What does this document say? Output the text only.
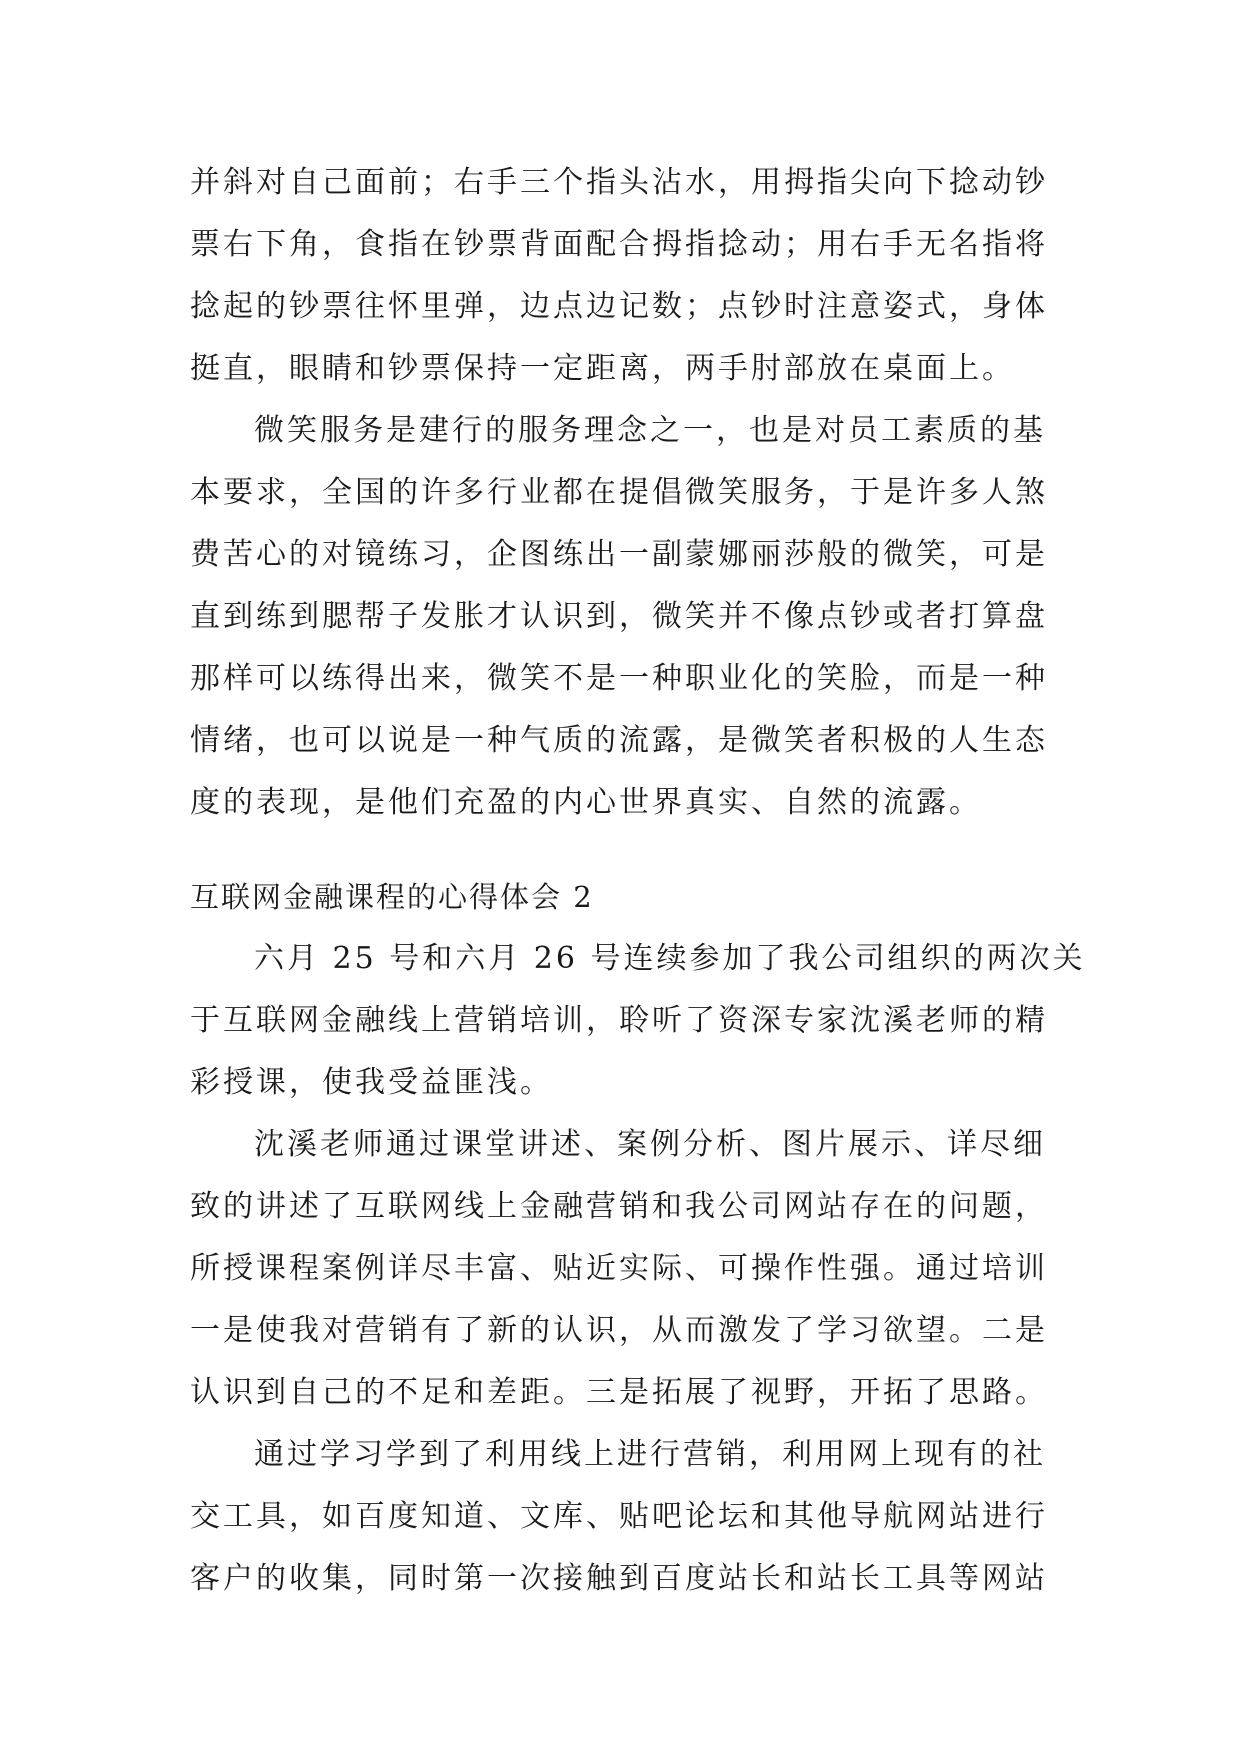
并斜对自己面前；右手三个指头沾水，用拇指尖向下捻动钞
票右下角，食指在钞票背面配合拇指捻动；用右手无名指将
捻起的钞票往怀里弹，边点边记数；点钞时注意姿式，身体
挺直，眼睛和钞票保持一定距离，两手肘部放在桌面上。
微笑服务是建行的服务理念之一，也是对员工素质的基
本要求，全国的许多行业都在提倡微笑服务，于是许多人煞
费苦心的对镜练习，企图练出一副蒙娜丽莎般的微笑，可是
直到练到腮帮子发胀才认识到，微笑并不像点钞或者打算盘
那样可以练得出来，微笑不是一种职业化的笑脸，而是一种
情绪，也可以说是一种气质的流露，是微笑者积极的人生态
度的表现，是他们充盈的内心世界真实、自然的流露。
互联网金融课程的心得体会 2
六月 25 号和六月 26 号连续参加了我公司组织的两次关
于互联网金融线上营销培训，聆听了资深专家沈溪老师的精
彩授课，使我受益匪浅。
沈溪老师通过课堂讲述、案例分析、图片展示、详尽细
致的讲述了互联网线上金融营销和我公司网站存在的问题，
所授课程案例详尽丰富、贴近实际、可操作性强。通过培训
一是使我对营销有了新的认识，从而激发了学习欲望。二是
认识到自己的不足和差距。三是拓展了视野，开拓了思路。
通过学习学到了利用线上进行营销，利用网上现有的社
交工具，如百度知道、文库、贴吧论坛和其他导航网站进行
客户的收集，同时第一次接触到百度站长和站长工具等网站
